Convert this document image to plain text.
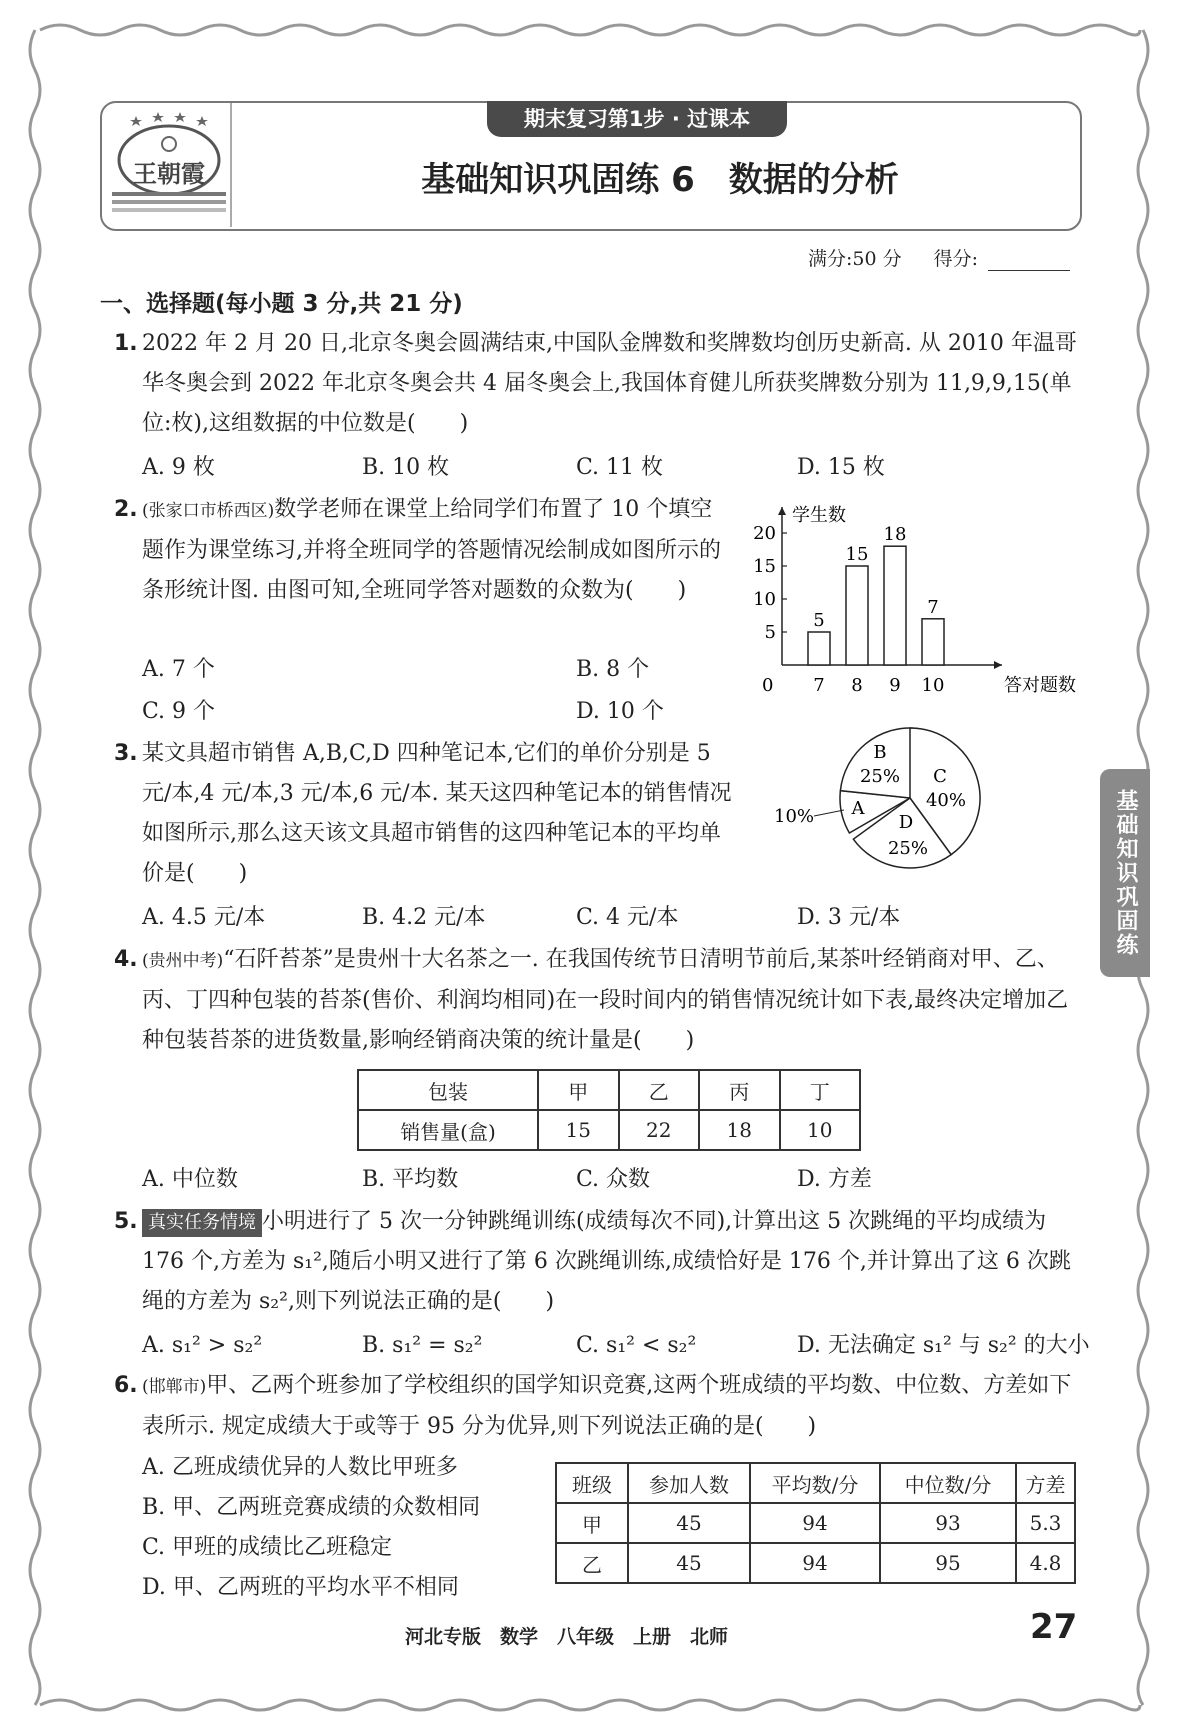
王朝霞
期末复习第1步 · 过课本
基础知识巩固练 6　数据的分析
满分:50 分 得分:
基础知识巩固练
一、选择题(每小题 3 分,共 21 分)
1. 2022 年 2 月 20 日,北京冬奥会圆满结束,中国队金牌数和奖牌数均创历史新高. 从 2010 年温哥华冬奥会到 2022 年北京冬奥会共 4 届冬奥会上,我国体育健儿所获奖牌数分别为 11,9,9,15(单位:枚),这组数据的中位数是(　　)
A. 9 枚	B. 10 枚	C. 11 枚	D. 15 枚
2. (张家口市桥西区)数学老师在课堂上给同学们布置了 10 个填空题作为课堂练习,并将全班同学的答题情况绘制成如图所示的条形统计图. 由图可知,全班同学答对题数的众数为(　　)
A. 7 个	B. 8 个
C. 9 个	D. 10 个
学生数
答对题数
0
5
10
15
20
5
7
15
8
18
9
7
10
3. 某文具超市销售 A,B,C,D 四种笔记本,它们的单价分别是 5 元/本,4 元/本,3 元/本,6 元/本. 某天这四种笔记本的销售情况如图所示,那么这天该文具超市销售的这四种笔记本的平均单价是(　　)
A. 4.5 元/本	B. 4.2 元/本	C. 4 元/本	D. 3 元/本
A
10%
B
25% C
40%
D
25%
4. (贵州中考)“石阡苔茶”是贵州十大名茶之一. 在我国传统节日清明节前后,某茶叶经销商对甲、乙、丙、丁四种包装的苔茶(售价、利润均相同)在一段时间内的销售情况统计如下表,最终决定增加乙种包装苔茶的进货数量,影响经销商决策的统计量是(　　)
包装	甲	乙	丙	丁
销售量(盒)	15	22	18	10
A. 中位数	B. 平均数	C. 众数	D. 方差
5. 真实任务情境 小明进行了 5 次一分钟跳绳训练(成绩每次不同),计算出这 5 次跳绳的平均成绩为 176 个,方差为 s₁²,随后小明又进行了第 6 次跳绳训练,成绩恰好是 176 个,并计算出了这 6 次跳绳的方差为 s₂²,则下列说法正确的是(　　)
A. s₁² > s₂²	B. s₁² = s₂²	C. s₁² < s₂²	D. 无法确定 s₁² 与 s₂² 的大小
6. (邯郸市)甲、乙两个班参加了学校组织的国学知识竞赛,这两个班成绩的平均数、中位数、方差如下表所示. 规定成绩大于或等于 95 分为优异,则下列说法正确的是(　　)
A. 乙班成绩优异的人数比甲班多
B. 甲、乙两班竞赛成绩的众数相同
C. 甲班的成绩比乙班稳定
D. 甲、乙两班的平均水平不相同
班级	参加人数	平均数/分	中位数/分	方差
甲	45	94	93	5.3
乙	45	94	95	4.8
河北专版　数学　八年级　上册　北师	27
